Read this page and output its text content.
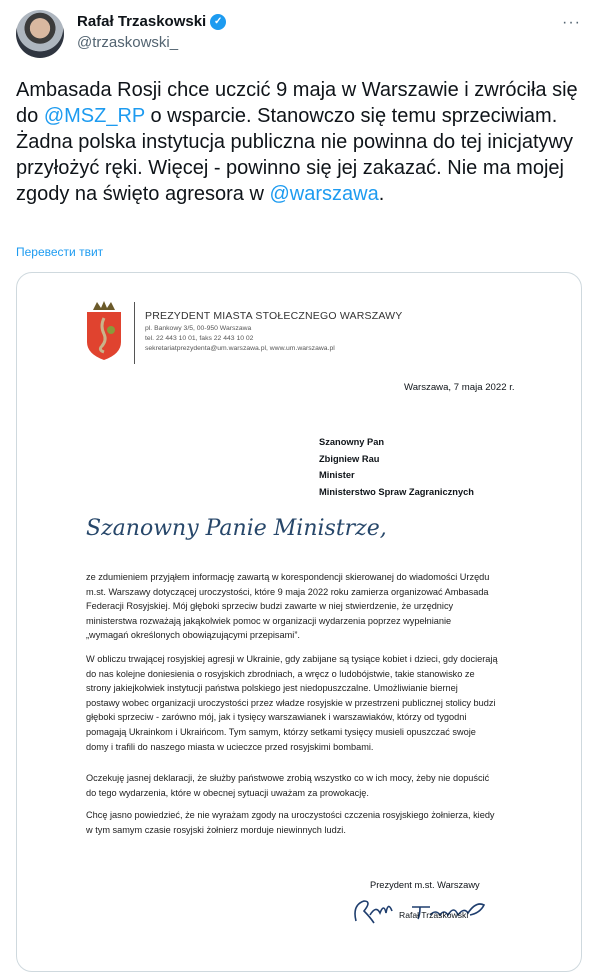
Rafał Trzaskowski ✓
@trzaskowski_
···
Ambasada Rosji chce uczcić 9 maja w Warszawie i zwróciła się do @MSZ_RP o wsparcie. Stanowczo się temu sprzeciwiam. Żadna polska instytucja publiczna nie powinna do tej inicjatywy przyłożyć ręki. Więcej - powinno się jej zakazać. Nie ma mojej zgody na święto agresora w @warszawa.
Перевести твит
PREZYDENT MIASTA STOŁECZNEGO WARSZAWY
pl. Bankowy 3/5, 00-950 Warszawa
tel. 22 443 10 01, faks 22 443 10 02
sekretariatprezydenta@um.warszawa.pl, www.um.warszawa.pl
Warszawa, 7 maja 2022 r.
Szanowny Pan
Zbigniew Rau
Minister
Ministerstwo Spraw Zagranicznych
Szanowny Panie Ministrze,
ze zdumieniem przyjąłem informację zawartą w korespondencji skierowanej do wiadomości Urzędu
m.st. Warszawy dotyczącej uroczystości, które 9 maja 2022 roku zamierza organizować Ambasada
Federacji Rosyjskiej. Mój głęboki sprzeciw budzi zawarte w niej stwierdzenie, że urzędnicy
ministerstwa rozważają jakąkolwiek pomoc w organizacji wydarzenia poprzez wypełnianie
„wymagań określonych obowiązującymi przepisami”.
W obliczu trwającej rosyjskiej agresji w Ukrainie, gdy zabijane są tysiące kobiet i dzieci, gdy docierają
do nas kolejne doniesienia o rosyjskich zbrodniach, a wręcz o ludobójstwie, takie stanowisko ze
strony jakiejkolwiek instytucji państwa polskiego jest niedopuszczalne. Umożliwianie biernej
postawy wobec organizacji uroczystości przez władze rosyjskie w przestrzeni publicznej stolicy budzi
głęboki sprzeciw - zarówno mój, jak i tysięcy warszawianek i warszawiaków, którzy od tygodni
pomagają Ukrainkom i Ukraińcom. Tym samym, którzy setkami tysięcy musieli opuszczać swoje
domy i trafili do naszego miasta w ucieczce przed rosyjskimi bombami.
Oczekuję jasnej deklaracji, że służby państwowe zrobią wszystko co w ich mocy, żeby nie dopuścić
do tego wydarzenia, które w obecnej sytuacji uważam za prowokację.
Chcę jasno powiedzieć, że nie wyrażam zgody na uroczystości czczenia rosyjskiego żołnierza, kiedy
w tym samym czasie rosyjski żołnierz morduje niewinnych ludzi.
Prezydent m.st. Warszawy
Rafał Trzaskowski
